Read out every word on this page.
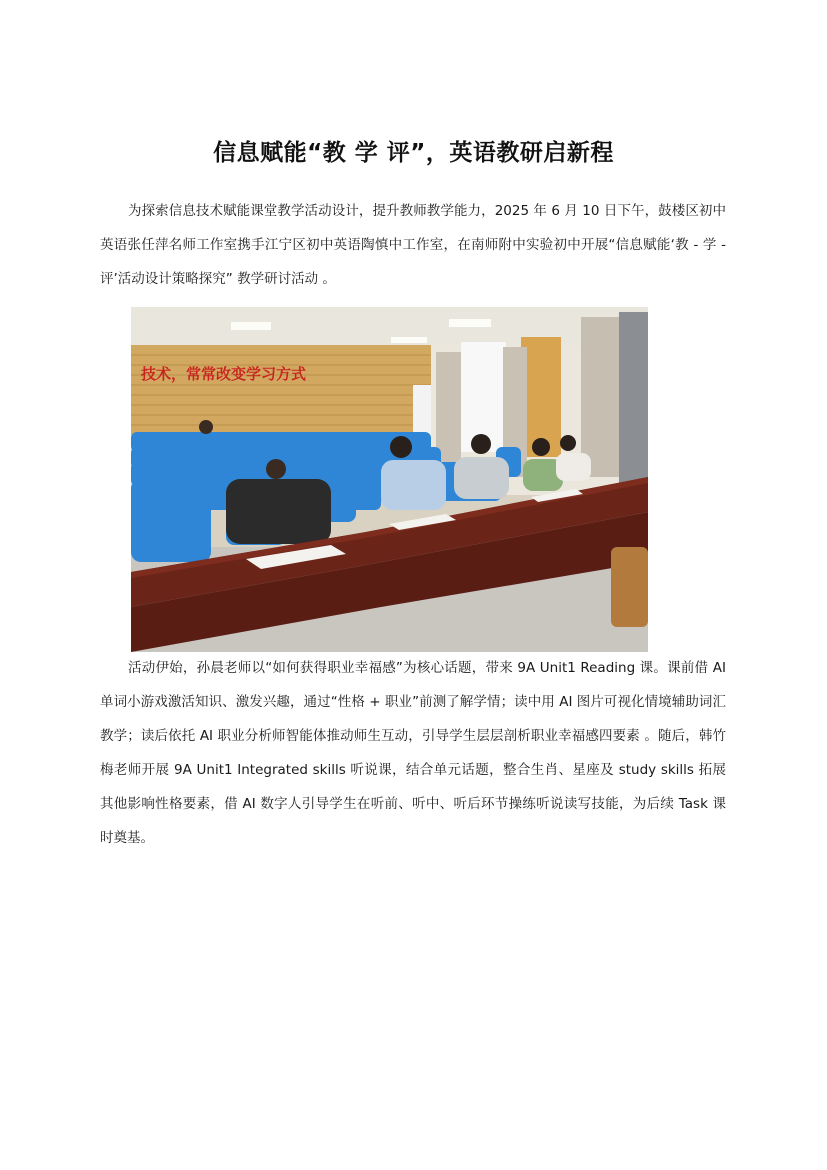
信息赋能“教 学 评”，英语教研启新程
为探索信息技术赋能课堂教学活动设计，提升教师教学能力，2025 年 6 月 10 日下午，鼓楼区初中英语张任萍名师工作室携手江宁区初中英语陶慎中工作室，在南师附中实验初中开展“信息赋能‘教 - 学 - 评’活动设计策略探究” 教学研讨活动 。
技术，常常改变学习方式
活动伊始，孙晨老师以“如何获得职业幸福感”为核心话题，带来 9A Unit1 Reading 课。课前借 AI 单词小游戏激活知识、激发兴趣，通过“性格 + 职业”前测了解学情；读中用 AI 图片可视化情境辅助词汇教学；读后依托 AI 职业分析师智能体推动师生互动，引导学生层层剖析职业幸福感四要素 。随后，韩竹梅老师开展 9A Unit1 Integrated skills 听说课，结合单元话题，整合生肖、星座及 study skills 拓展其他影响性格要素，借 AI 数字人引导学生在听前、听中、听后环节操练听说读写技能，为后续 Task 课时奠基。
